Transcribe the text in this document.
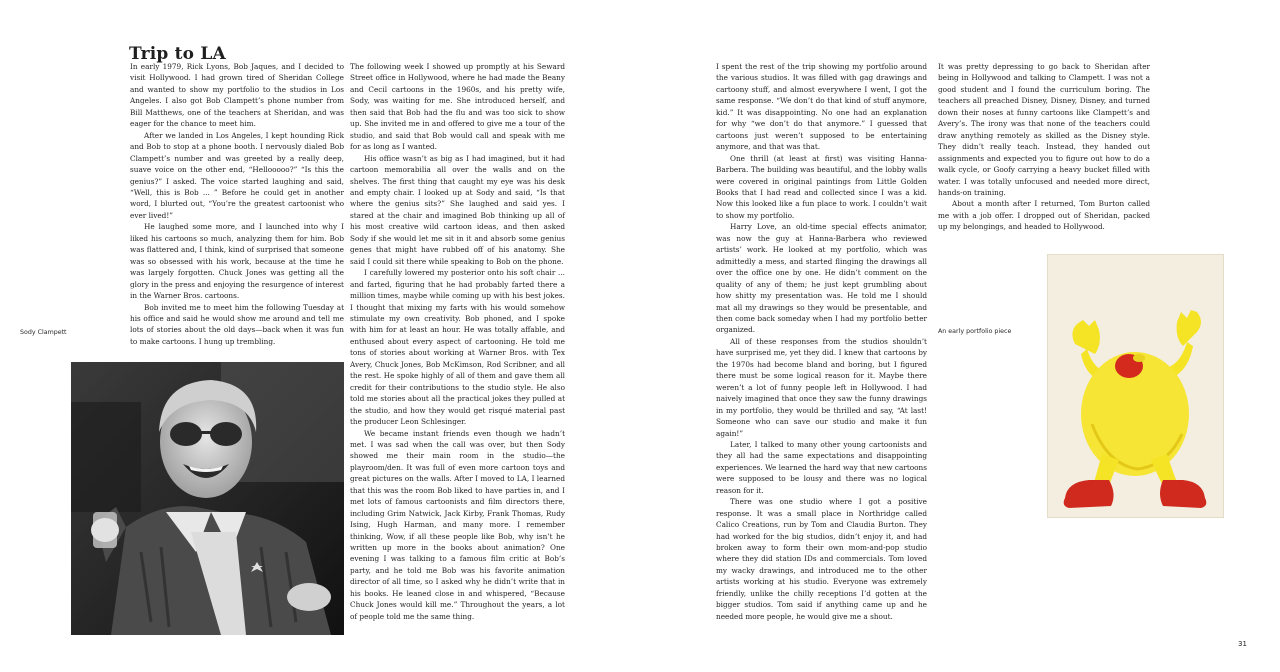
Trip to LA

In early 1979, Rick Lyons, Bob Jaques, and I decided to visit Hollywood. I had grown tired of Sheridan College and wanted to show my portfolio to the studios in Los Angeles. I also got Bob Clampett’s phone number from Bill Matthews, one of the teachers at Sheridan, and was eager for the chance to meet him.

After we landed in Los Angeles, I kept hounding Rick and Bob to stop at a phone booth. I nervously dialed Bob Clampett’s number and was greeted by a really deep, suave voice on the other end, “Hellooooo?” “Is this the genius?” I asked. The voice started laughing and said, “Well, this is Bob ... ” Before he could get in another word, I blurted out, “You’re the greatest cartoonist who ever lived!”

He laughed some more, and I launched into why I liked his cartoons so much, analyzing them for him. Bob was flattered and, I think, kind of surprised that someone was so obsessed with his work, because at the time he was largely forgotten. Chuck Jones was getting all the glory in the press and enjoying the resurgence of interest in the Warner Bros. cartoons.

Bob invited me to meet him the following Tuesday at his office and said he would show me around and tell me lots of stories about the old days—back when it was fun to make cartoons. I hung up trembling.

The following week I showed up promptly at his Seward Street office in Hollywood, where he had made the Beany and Cecil cartoons in the 1960s, and his pretty wife, Sody, was waiting for me. She introduced herself, and then said that Bob had the flu and was too sick to show up. She invited me in and offered to give me a tour of the studio, and said that Bob would call and speak with me for as long as I wanted.

His office wasn’t as big as I had imagined, but it had cartoon memorabilia all over the walls and on the shelves. The first thing that caught my eye was his desk and empty chair. I looked up at Sody and said, “Is that where the genius sits?” She laughed and said yes. I stared at the chair and imagined Bob thinking up all of his most creative wild cartoon ideas, and then asked Sody if she would let me sit in it and absorb some genius genes that might have rubbed off of his anatomy. She said I could sit there while speaking to Bob on the phone.

I carefully lowered my posterior onto his soft chair ... and farted, figuring that he had probably farted there a million times, maybe while coming up with his best jokes. I thought that mixing my farts with his would somehow stimulate my own creativity. Bob phoned, and I spoke with him for at least an hour. He was totally affable, and enthused about every aspect of cartooning. He told me tons of stories about working at Warner Bros. with Tex Avery, Chuck Jones, Bob McKimson, Rod Scribner, and all the rest. He spoke highly of all of them and gave them all credit for their contributions to the studio style. He also told me stories about all the practical jokes they pulled at the studio, and how they would get risqué material past the producer Leon Schlesinger.

We became instant friends even though we hadn’t met. I was sad when the call was over, but then Sody showed me their main room in the studio—the playroom/den. It was full of even more cartoon toys and great pictures on the walls. After I moved to LA, I learned that this was the room Bob liked to have parties in, and I met lots of famous cartoonists and film directors there, including Grim Natwick, Jack Kirby, Frank Thomas, Rudy Ising, Hugh Harman, and many more. I remember thinking, Wow, if all these people like Bob, why isn’t he written up more in the books about animation? One evening I was talking to a famous film critic at Bob’s party, and he told me Bob was his favorite animation director of all time, so I asked why he didn’t write that in his books. He leaned close in and whispered, “Because Chuck Jones would kill me.” Throughout the years, a lot of people told me the same thing.

I spent the rest of the trip showing my portfolio around the various studios. It was filled with gag drawings and cartoony stuff, and almost everywhere I went, I got the same response. “We don’t do that kind of stuff anymore, kid.” It was disappointing. No one had an explanation for why “we don’t do that anymore.” I guessed that cartoons just weren’t supposed to be entertaining anymore, and that was that.

One thrill (at least at first) was visiting Hanna-Barbera. The building was beautiful, and the lobby walls were covered in original paintings from Little Golden Books that I had read and collected since I was a kid. Now this looked like a fun place to work. I couldn’t wait to show my portfolio.

Harry Love, an old-time special effects animator, was now the guy at Hanna-Barbera who reviewed artists’ work. He looked at my portfolio, which was admittedly a mess, and started flinging the drawings all over the office one by one. He didn’t comment on the quality of any of them; he just kept grumbling about how shitty my presentation was. He told me I should mat all my drawings so they would be presentable, and then come back someday when I had my portfolio better organized.

All of these responses from the studios shouldn’t have surprised me, yet they did. I knew that cartoons by the 1970s had become bland and boring, but I figured there must be some logical reason for it. Maybe there weren’t a lot of funny people left in Hollywood. I had naively imagined that once they saw the funny drawings in my portfolio, they would be thrilled and say, “At last! Someone who can save our studio and make it fun again!”

Later, I talked to many other young cartoonists and they all had the same expectations and disappointing experiences. We learned the hard way that new cartoons were supposed to be lousy and there was no logical reason for it.

There was one studio where I got a positive response. It was a small place in Northridge called Calico Creations, run by Tom and Claudia Burton. They had worked for the big studios, didn’t enjoy it, and had broken away to form their own mom-and-pop studio where they did station IDs and commercials. Tom loved my wacky drawings, and introduced me to the other artists working at his studio. Everyone was extremely friendly, unlike the chilly receptions I’d gotten at the bigger studios. Tom said if anything came up and he needed more people, he would give me a shout.

It was pretty depressing to go back to Sheridan after being in Hollywood and talking to Clampett. I was not a good student and I found the curriculum boring. The teachers all preached Disney, Disney, Disney, and turned down their noses at funny cartoons like Clampett’s and Avery’s. The irony was that none of the teachers could draw anything remotely as skilled as the Disney style. They didn’t really teach. Instead, they handed out assignments and expected you to figure out how to do a walk cycle, or Goofy carrying a heavy bucket filled with water. I was totally unfocused and needed more direct, hands-on training.

About a month after I returned, Tom Burton called me with a job offer. I dropped out of Sheridan, packed up my belongings, and headed to Hollywood.

Sody Clampett	An early portfolio piece
31
